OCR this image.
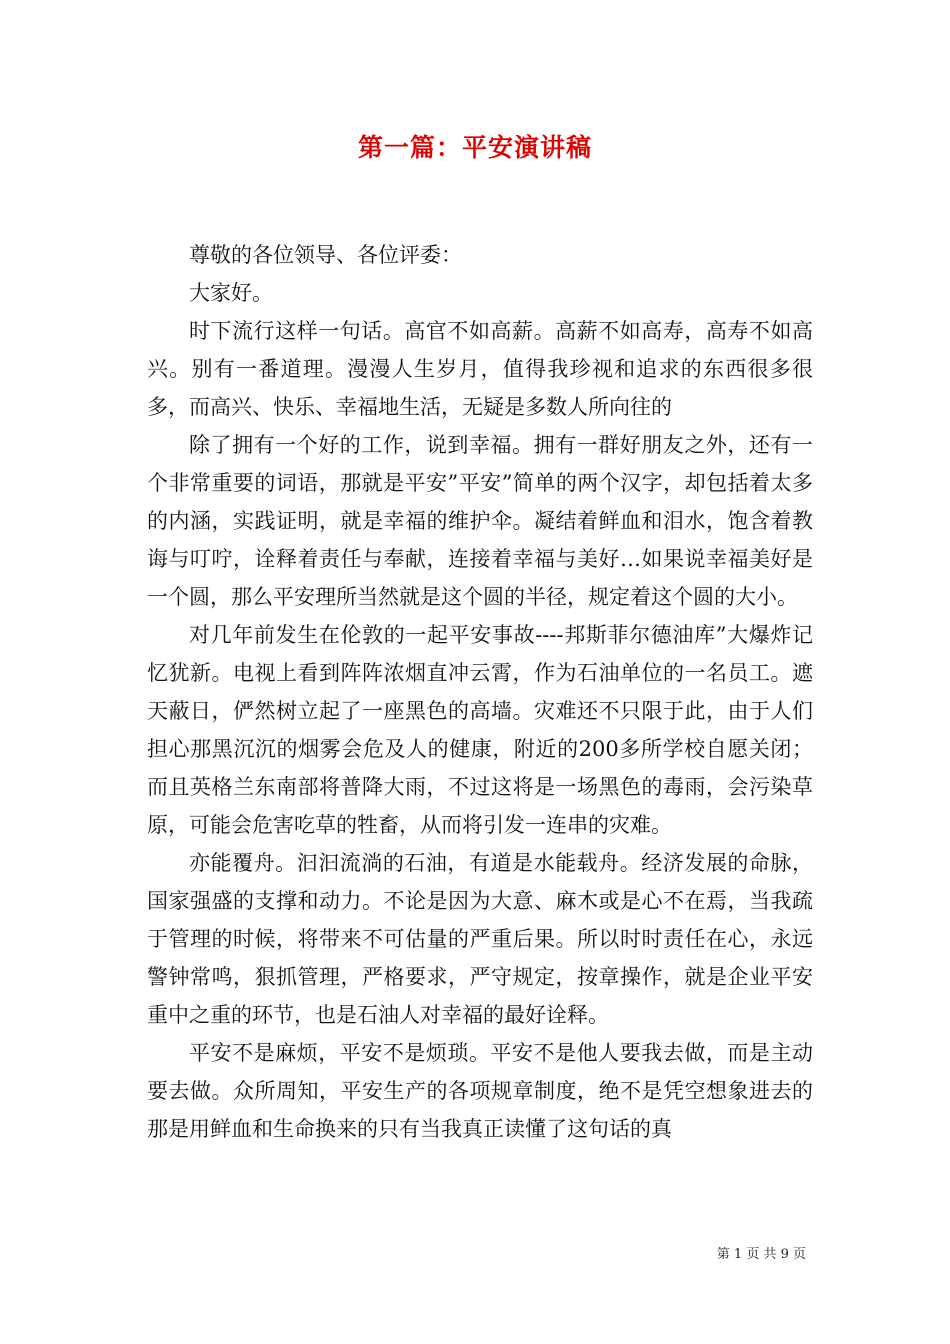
第一篇：平安演讲稿

尊敬的各位领导、各位评委：

大家好。

时下流行这样一句话。高官不如高薪。高薪不如高寿，高寿不如高兴。别有一番道理。漫漫人生岁月，值得我珍视和追求的东西很多很多，而高兴、快乐、幸福地生活，无疑是多数人所向往的

除了拥有一个好的工作，说到幸福。拥有一群好朋友之外，还有一个非常重要的词语，那就是平安”平安”简单的两个汉字，却包括着太多的内涵，实践证明，就是幸福的维护伞。凝结着鲜血和泪水，饱含着教诲与叮咛，诠释着责任与奉献，连接着幸福与美好…如果说幸福美好是一个圆，那么平安理所当然就是这个圆的半径，规定着这个圆的大小。

对几年前发生在伦敦的一起平安事故----邦斯菲尔德油库”大爆炸记忆犹新。电视上看到阵阵浓烟直冲云霄，作为石油单位的一名员工。遮天蔽日，俨然树立起了一座黑色的高墙。灾难还不只限于此，由于人们担心那黑沉沉的烟雾会危及人的健康，附近的200多所学校自愿关闭；而且英格兰东南部将普降大雨，不过这将是一场黑色的毒雨，会污染草原，可能会危害吃草的牲畜，从而将引发一连串的灾难。

亦能覆舟。汩汩流淌的石油，有道是水能载舟。经济发展的命脉，国家强盛的支撑和动力。不论是因为大意、麻木或是心不在焉，当我疏于管理的时候，将带来不可估量的严重后果。所以时时责任在心，永远警钟常鸣，狠抓管理，严格要求，严守规定，按章操作，就是企业平安重中之重的环节，也是石油人对幸福的最好诠释。

平安不是麻烦，平安不是烦琐。平安不是他人要我去做，而是主动要去做。众所周知，平安生产的各项规章制度，绝不是凭空想象进去的那是用鲜血和生命换来的只有当我真正读懂了这句话的真

第 1 页 共 9 页
